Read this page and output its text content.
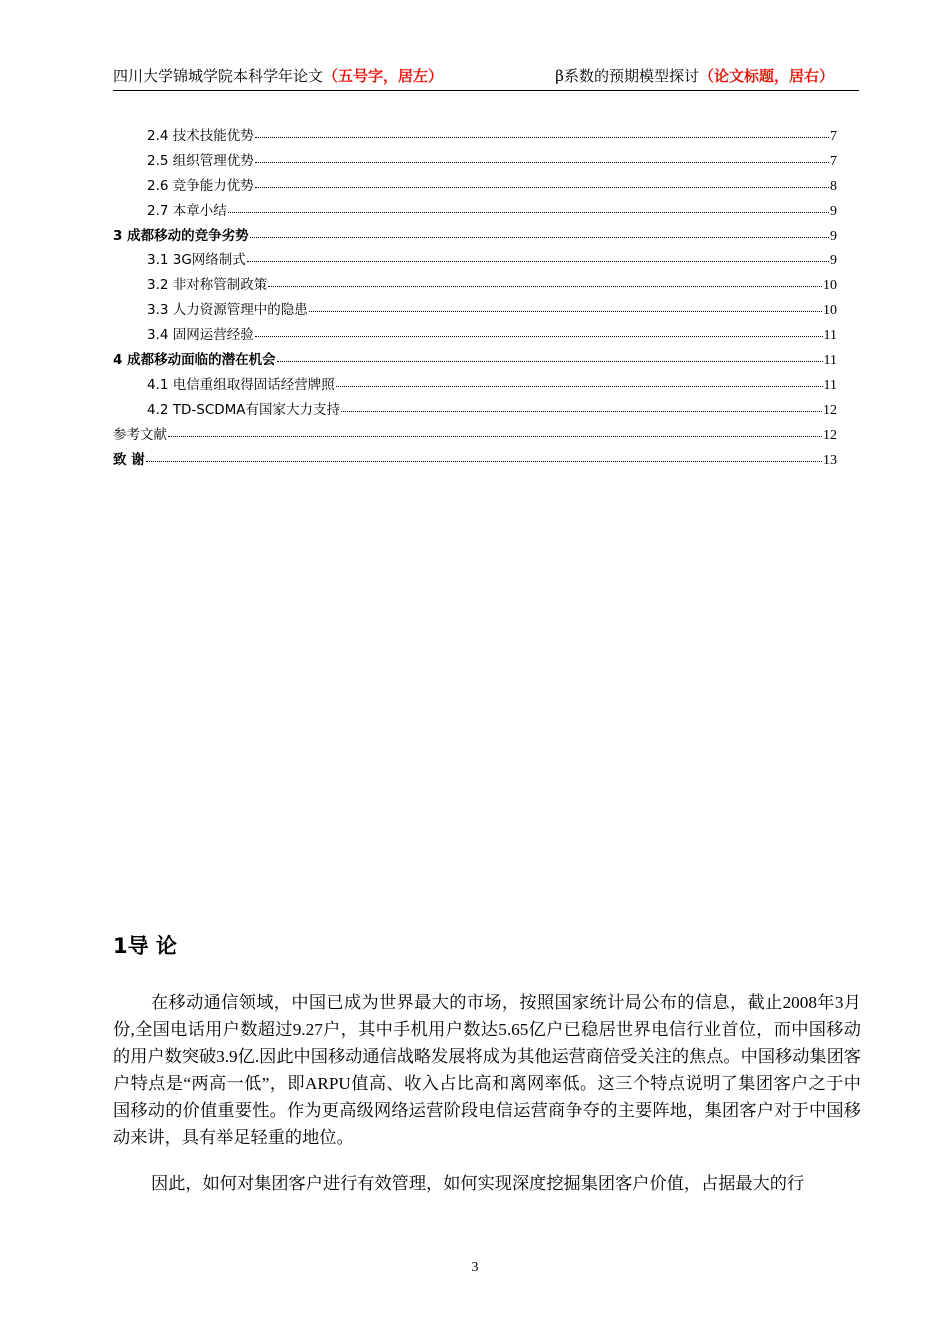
四川大学锦城学院本科学年论文（五号字，居左）	β系数的预期模型探讨（论文标题，居右）
2.4 技术技能优势	7
2.5 组织管理优势	7
2.6 竞争能力优势	8
2.7 本章小结	9
3 成都移动的竞争劣势	9
3.1 3G网络制式	9
3.2 非对称管制政策	10
3.3 人力资源管理中的隐患	10
3.4 固网运营经验	11
4 成都移动面临的潜在机会	11
4.1 电信重组取得固话经营牌照	11
4.2 TD-SCDMA有国家大力支持	12
参考文献	12
致 谢	13
1导 论

在移动通信领域，中国已成为世界最大的市场，按照国家统计局公布的信息，截止2008年3月份,全国电话用户数超过9.27户，其中手机用户数达5.65亿户已稳居世界电信行业首位，而中国移动的用户数突破3.9亿.因此中国移动通信战略发展将成为其他运营商倍受关注的焦点。中国移动集团客户特点是“两高一低”，即ARPU值高、收入占比高和离网率低。这三个特点说明了集团客户之于中国移动的价值重要性。作为更高级网络运营阶段电信运营商争夺的主要阵地，集团客户对于中国移动来讲，具有举足轻重的地位。

因此，如何对集团客户进行有效管理，如何实现深度挖掘集团客户价值，占据最大的行

3
